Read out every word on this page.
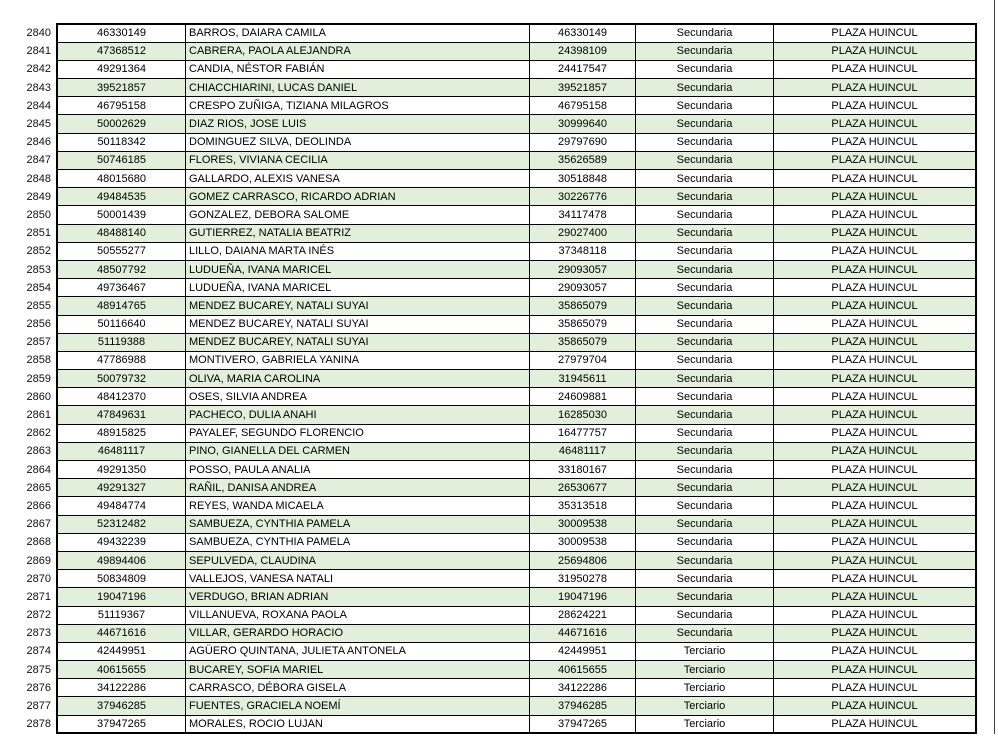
2840	46330149	BARROS, DAIARA CAMILA	46330149	Secundaria	PLAZA HUINCUL
2841	47368512	CABRERA, PAOLA ALEJANDRA	24398109	Secundaria	PLAZA HUINCUL
2842	49291364	CANDIA, NÉSTOR FABIÁN	24417547	Secundaria	PLAZA HUINCUL
2843	39521857	CHIACCHIARINI, LUCAS DANIEL	39521857	Secundaria	PLAZA HUINCUL
2844	46795158	CRESPO ZUÑIGA, TIZIANA MILAGROS	46795158	Secundaria	PLAZA HUINCUL
2845	50002629	DIAZ RIOS, JOSE LUIS	30999640	Secundaria	PLAZA HUINCUL
2846	50118342	DOMINGUEZ SILVA, DEOLINDA	29797690	Secundaria	PLAZA HUINCUL
2847	50746185	FLORES, VIVIANA CECILIA	35626589	Secundaria	PLAZA HUINCUL
2848	48015680	GALLARDO, ALEXIS VANESA	30518848	Secundaria	PLAZA HUINCUL
2849	49484535	GOMEZ CARRASCO, RICARDO ADRIAN	30226776	Secundaria	PLAZA HUINCUL
2850	50001439	GONZALEZ, DEBORA SALOME	34117478	Secundaria	PLAZA HUINCUL
2851	48488140	GUTIERREZ, NATALIA BEATRIZ	29027400	Secundaria	PLAZA HUINCUL
2852	50555277	LILLO, DAIANA MARTA INÉS	37348118	Secundaria	PLAZA HUINCUL
2853	48507792	LUDUEÑA, IVANA MARICEL	29093057	Secundaria	PLAZA HUINCUL
2854	49736467	LUDUEÑA, IVANA MARICEL	29093057	Secundaria	PLAZA HUINCUL
2855	48914765	MENDEZ BUCAREY, NATALI SUYAI	35865079	Secundaria	PLAZA HUINCUL
2856	50116640	MENDEZ BUCAREY, NATALI SUYAI	35865079	Secundaria	PLAZA HUINCUL
2857	51119388	MENDEZ BUCAREY, NATALI SUYAI	35865079	Secundaria	PLAZA HUINCUL
2858	47786988	MONTIVERO, GABRIELA YANINA	27979704	Secundaria	PLAZA HUINCUL
2859	50079732	OLIVA, MARIA CAROLINA	31945611	Secundaria	PLAZA HUINCUL
2860	48412370	OSES, SILVIA ANDREA	24609881	Secundaria	PLAZA HUINCUL
2861	47849631	PACHECO, DULIA ANAHI	16285030	Secundaria	PLAZA HUINCUL
2862	48915825	PAYALEF, SEGUNDO FLORENCIO	16477757	Secundaria	PLAZA HUINCUL
2863	46481117	PINO, GIANELLA DEL CARMEN	46481117	Secundaria	PLAZA HUINCUL
2864	49291350	POSSO, PAULA ANALIA	33180167	Secundaria	PLAZA HUINCUL
2865	49291327	RAÑIL, DANISA ANDREA	26530677	Secundaria	PLAZA HUINCUL
2866	49484774	REYES, WANDA MICAELA	35313518	Secundaria	PLAZA HUINCUL
2867	52312482	SAMBUEZA, CYNTHIA PAMELA	30009538	Secundaria	PLAZA HUINCUL
2868	49432239	SAMBUEZA, CYNTHIA PAMELA	30009538	Secundaria	PLAZA HUINCUL
2869	49894406	SEPULVEDA, CLAUDINA	25694806	Secundaria	PLAZA HUINCUL
2870	50834809	VALLEJOS, VANESA NATALI	31950278	Secundaria	PLAZA HUINCUL
2871	19047196	VERDUGO, BRIAN ADRIAN	19047196	Secundaria	PLAZA HUINCUL
2872	51119367	VILLANUEVA, ROXANA PAOLA	28624221	Secundaria	PLAZA HUINCUL
2873	44671616	VILLAR, GERARDO HORACIO	44671616	Secundaria	PLAZA HUINCUL
2874	42449951	AGÜERO QUINTANA, JULIETA ANTONELA	42449951	Terciario	PLAZA HUINCUL
2875	40615655	BUCAREY, SOFIA MARIEL	40615655	Terciario	PLAZA HUINCUL
2876	34122286	CARRASCO, DÉBORA GISELA	34122286	Terciario	PLAZA HUINCUL
2877	37946285	FUENTES, GRACIELA NOEMÍ	37946285	Terciario	PLAZA HUINCUL
2878	37947265	MORALES, ROCIO LUJAN	37947265	Terciario	PLAZA HUINCUL
